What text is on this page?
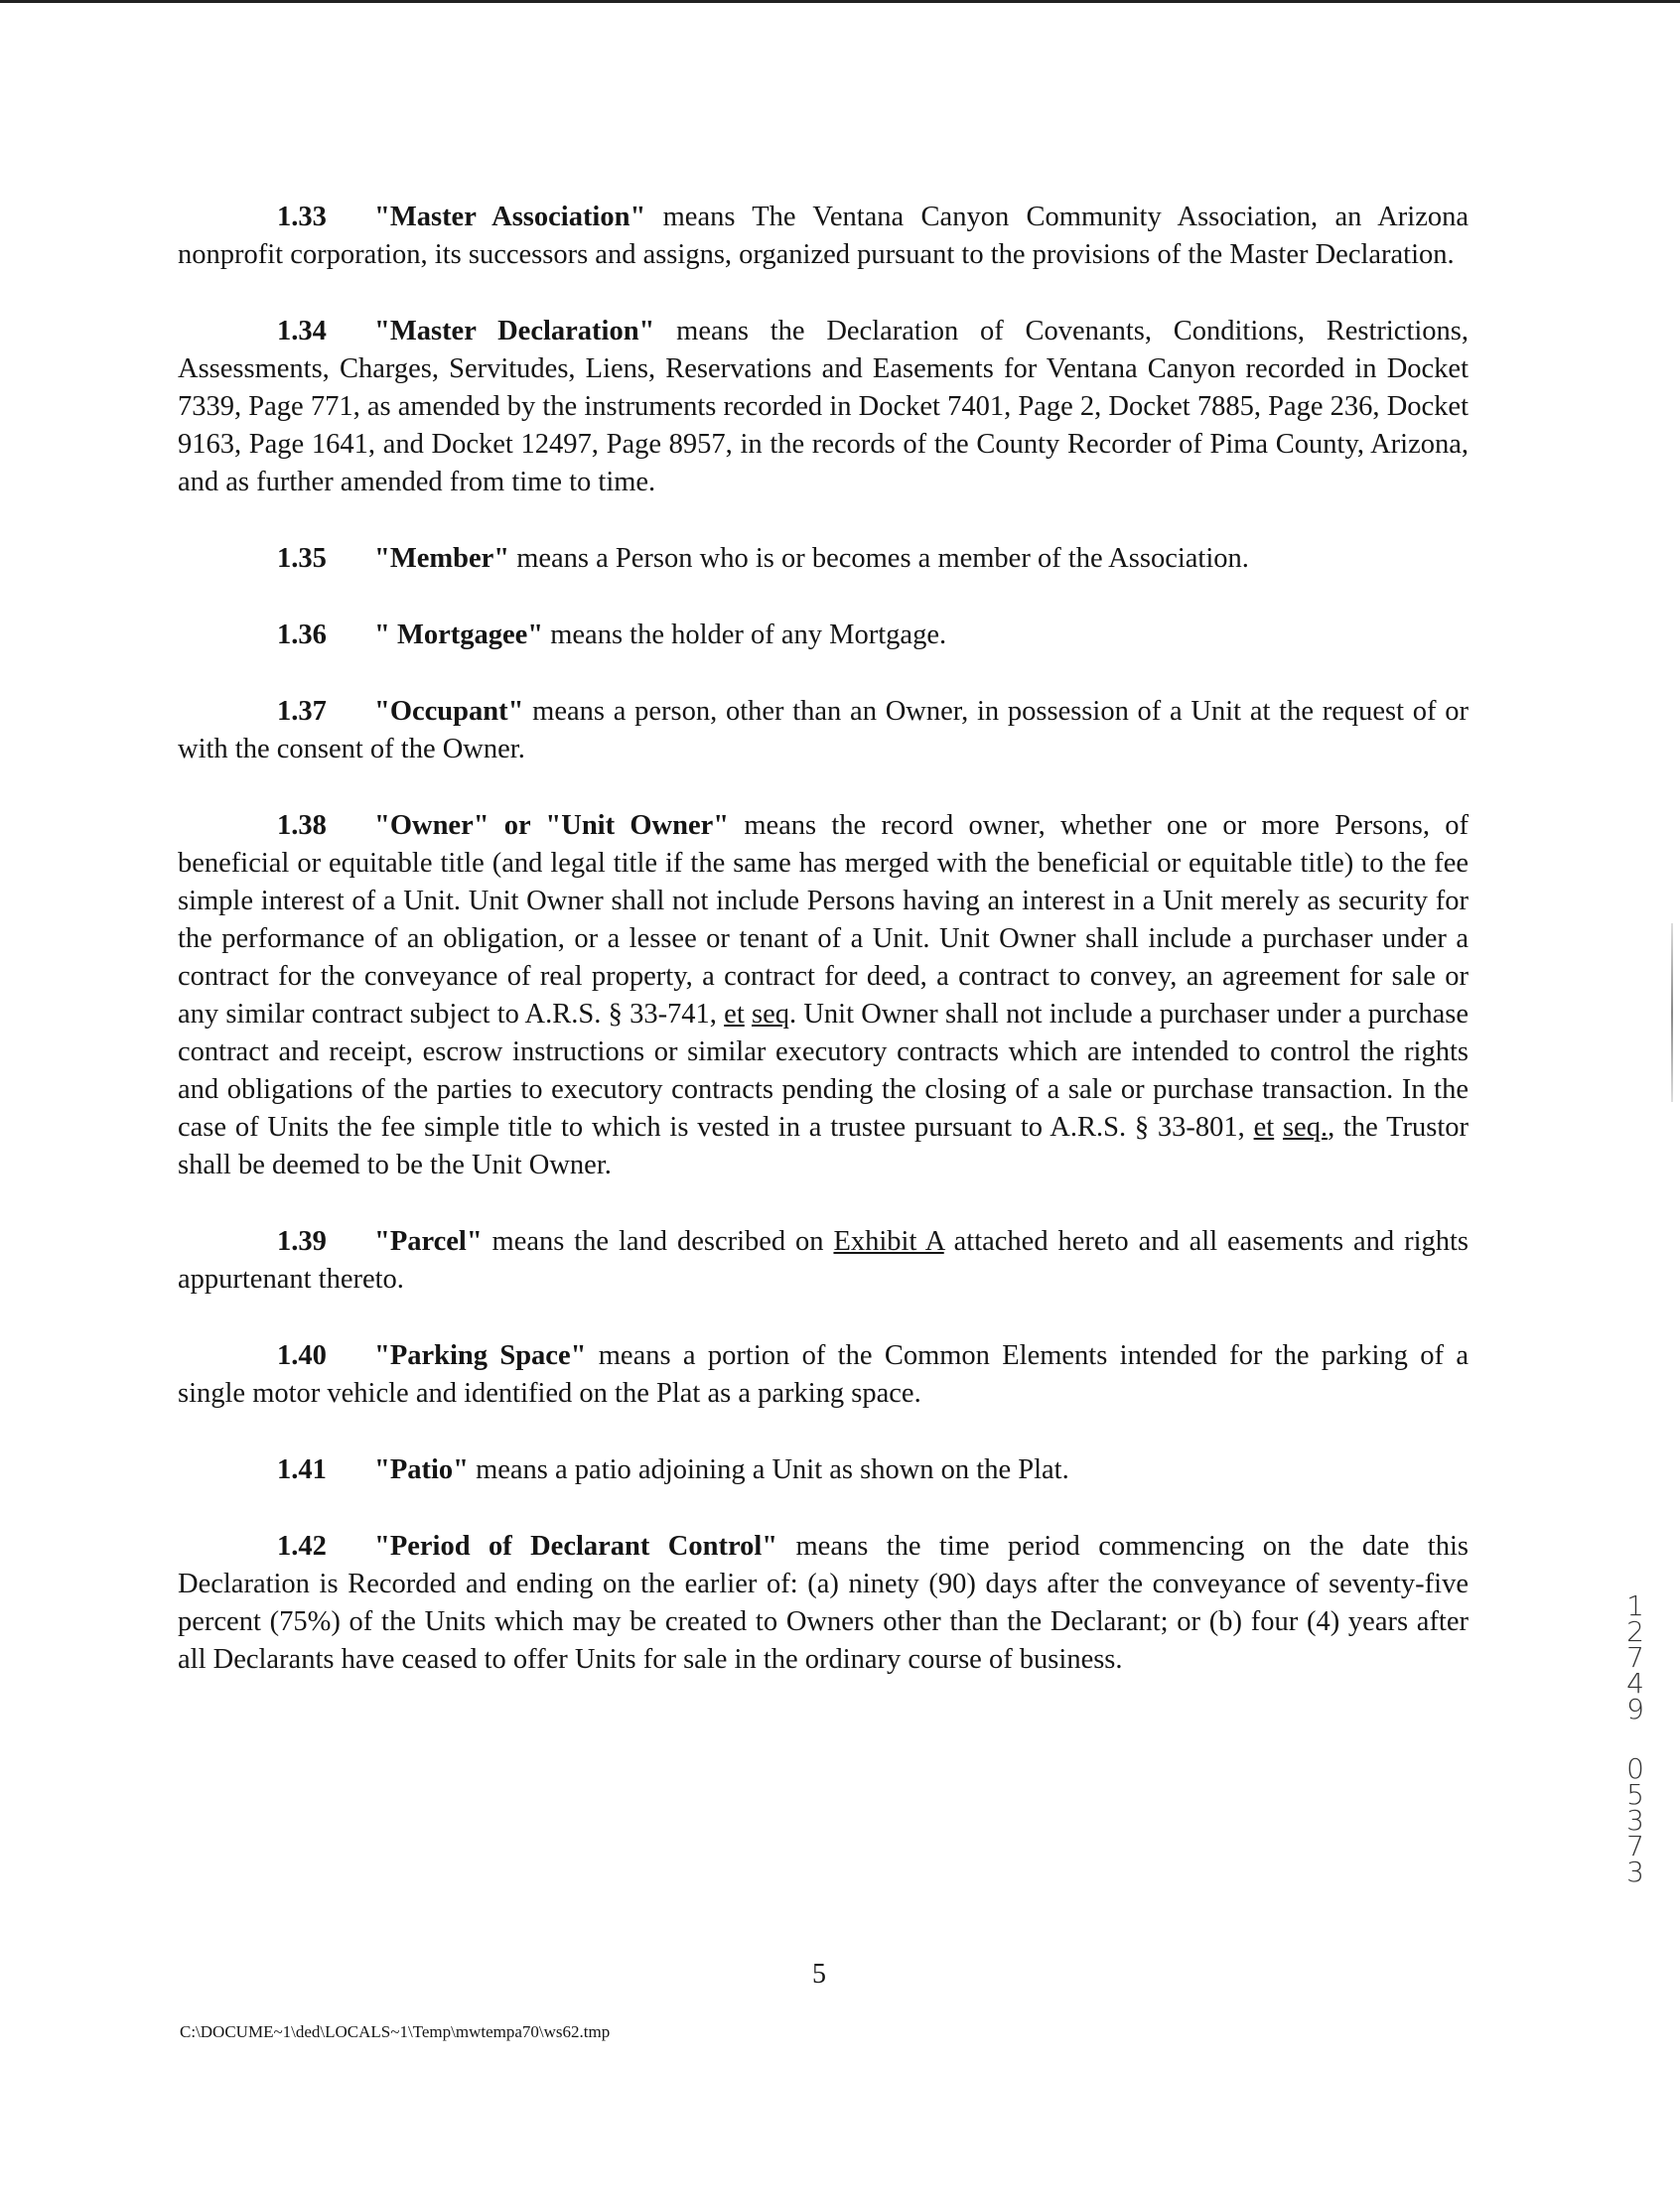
1.33 "Master Association" means The Ventana Canyon Community Association, an Arizona nonprofit corporation, its successors and assigns, organized pursuant to the provisions of the Master Declaration.

1.34 "Master Declaration" means the Declaration of Covenants, Conditions, Restrictions, Assessments, Charges, Servitudes, Liens, Reservations and Easements for Ventana Canyon recorded in Docket 7339, Page 771, as amended by the instruments recorded in Docket 7401, Page 2, Docket 7885, Page 236, Docket 9163, Page 1641, and Docket 12497, Page 8957, in the records of the County Recorder of Pima County, Arizona, and as further amended from time to time.

1.35 "Member" means a Person who is or becomes a member of the Association.

1.36 " Mortgagee" means the holder of any Mortgage.

1.37 "Occupant" means a person, other than an Owner, in possession of a Unit at the request of or with the consent of the Owner.

1.38 "Owner" or "Unit Owner" means the record owner, whether one or more Persons, of beneficial or equitable title (and legal title if the same has merged with the beneficial or equitable title) to the fee simple interest of a Unit. Unit Owner shall not include Persons having an interest in a Unit merely as security for the performance of an obligation, or a lessee or tenant of a Unit. Unit Owner shall include a purchaser under a contract for the conveyance of real property, a contract for deed, a contract to convey, an agreement for sale or any similar contract subject to A.R.S. § 33-741, et seq. Unit Owner shall not include a purchaser under a purchase contract and receipt, escrow instructions or similar executory contracts which are intended to control the rights and obligations of the parties to executory contracts pending the closing of a sale or purchase transaction. In the case of Units the fee simple title to which is vested in a trustee pursuant to A.R.S. § 33-801, et seq., the Trustor shall be deemed to be the Unit Owner.

1.39 "Parcel" means the land described on Exhibit A attached hereto and all easements and rights appurtenant thereto.

1.40 "Parking Space" means a portion of the Common Elements intended for the parking of a single motor vehicle and identified on the Plat as a parking space.

1.41 "Patio" means a patio adjoining a Unit as shown on the Plat.

1.42 "Period of Declarant Control" means the time period commencing on the date this Declaration is Recorded and ending on the earlier of: (a) ninety (90) days after the conveyance of seventy-five percent (75%) of the Units which may be created to Owners other than the Declarant; or (b) four (4) years after all Declarants have ceased to offer Units for sale in the ordinary course of business.

5
C:\DOCUME~1\ded\LOCALS~1\Temp\mwtempa70\ws62.tmp
1
2
7
4
9
0
5
3
7
3
